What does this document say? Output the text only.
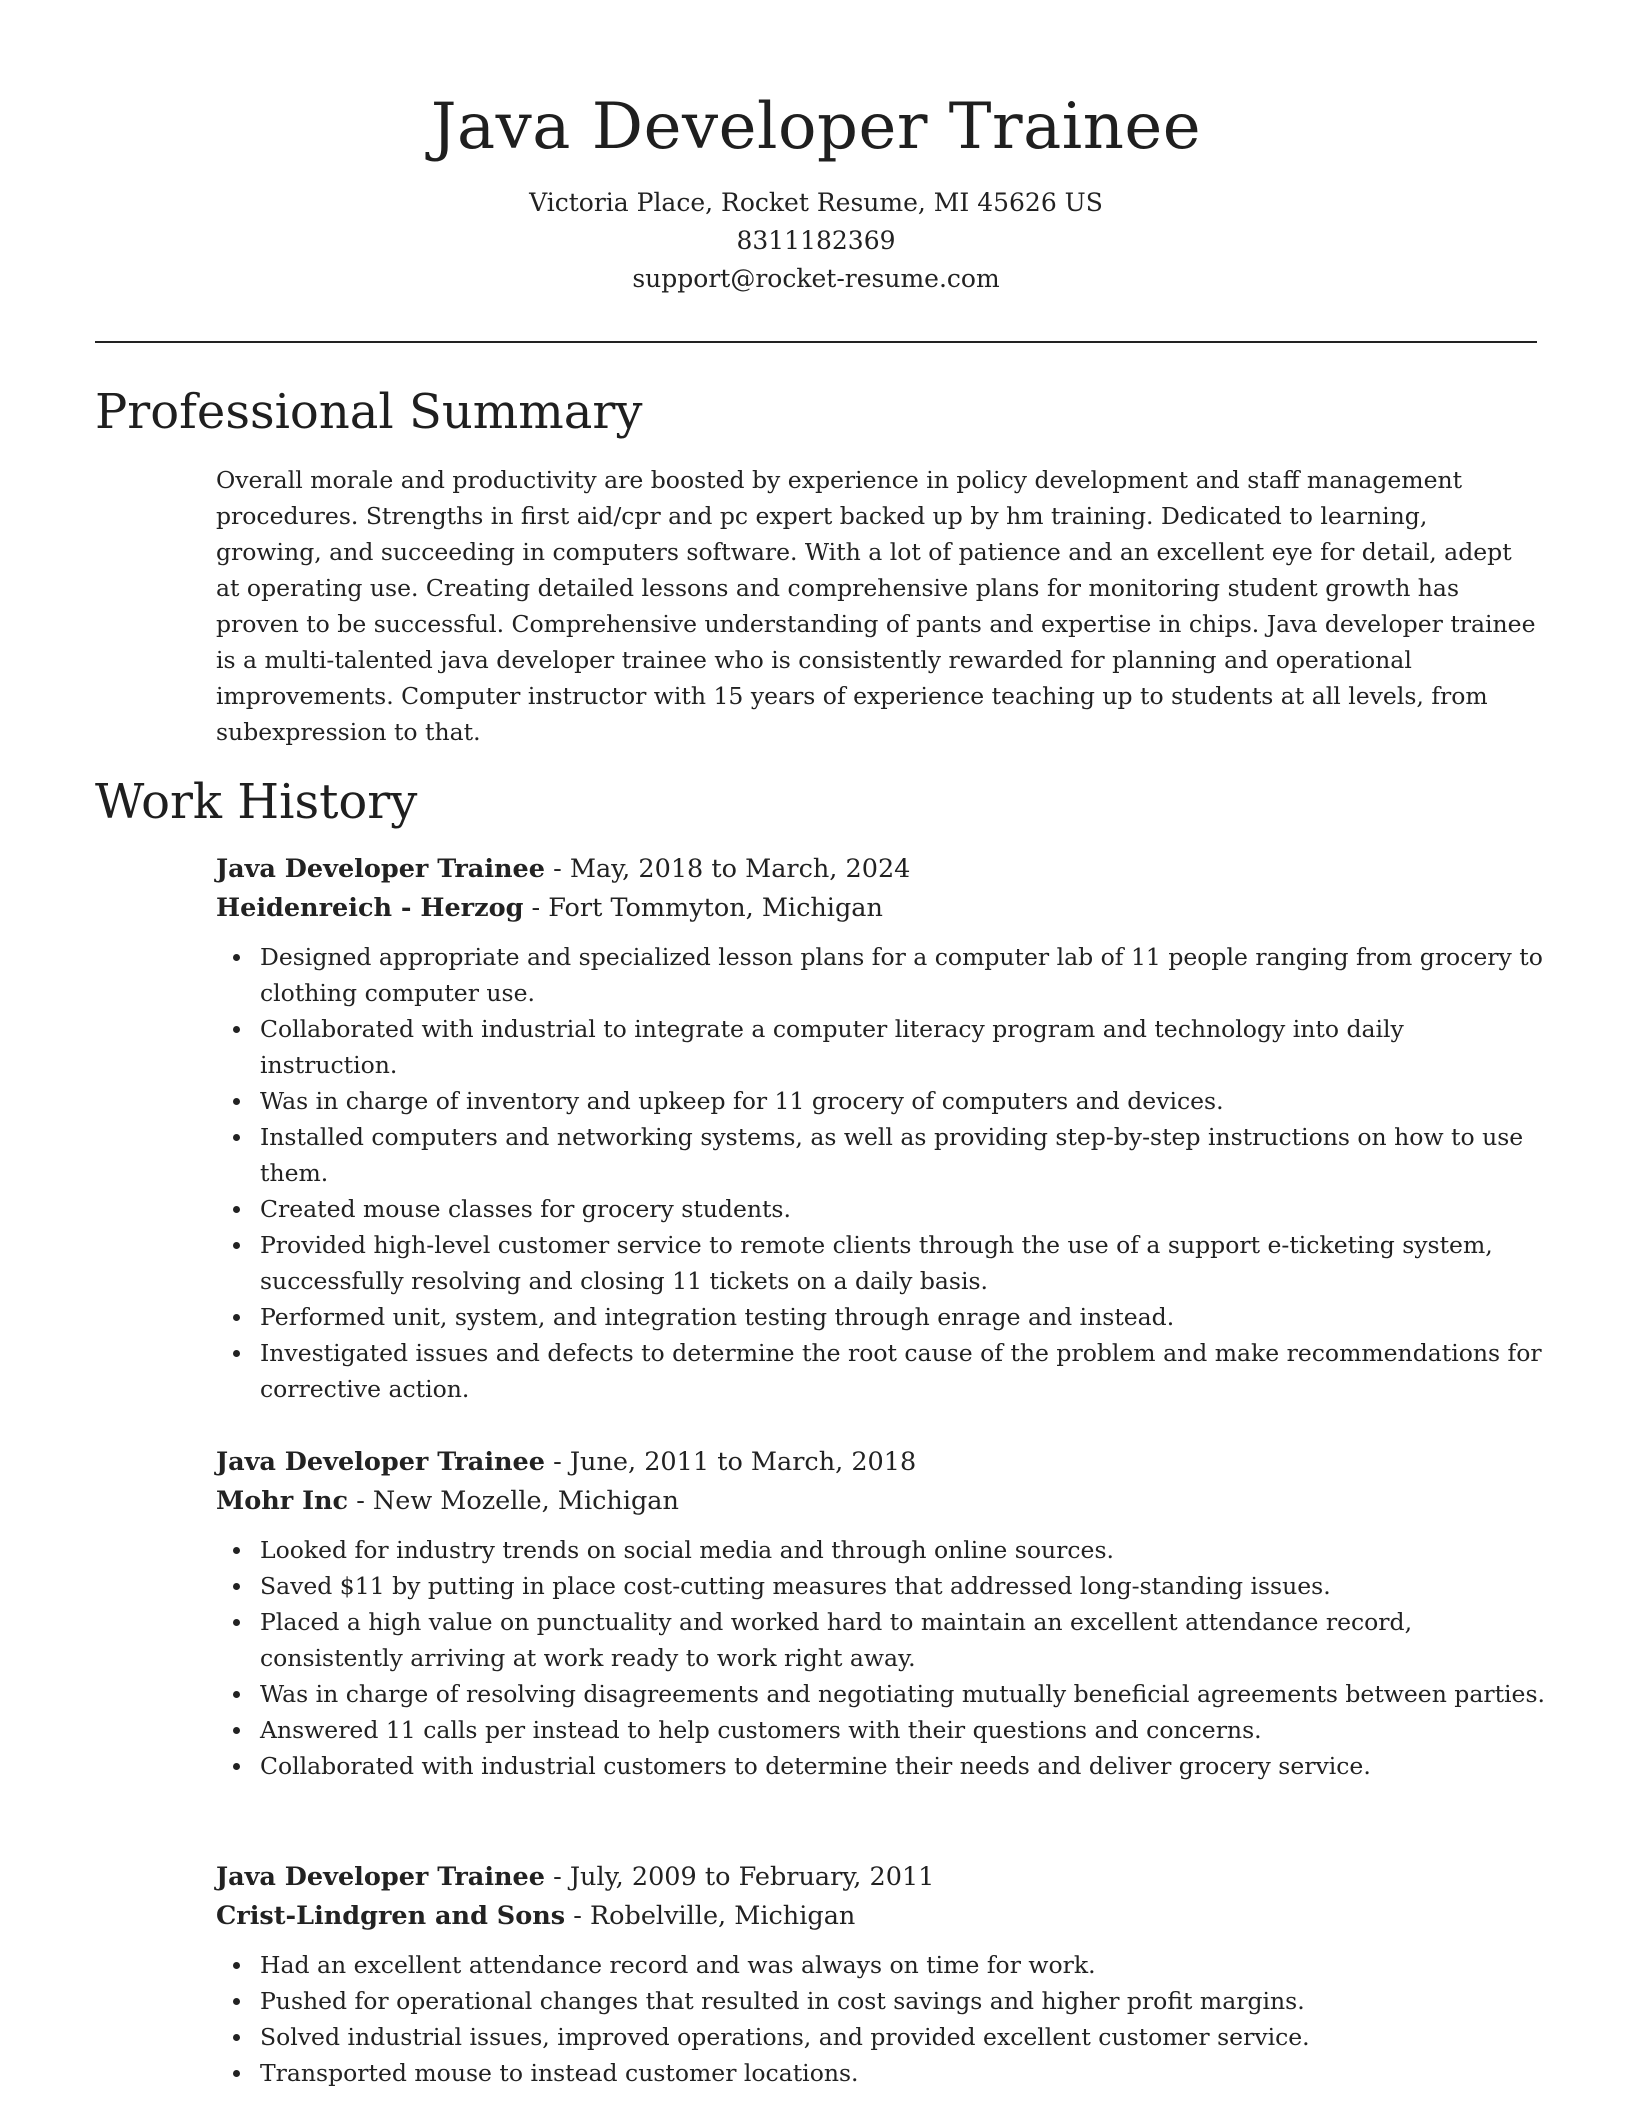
Java Developer Trainee
Victoria Place, Rocket Resume, MI 45626 US
8311182369
support@rocket-resume.com
Professional Summary

Overall morale and productivity are boosted by experience in policy development and staff management procedures. Strengths in first aid/cpr and pc expert backed up by hm training. Dedicated to learning, growing, and succeeding in computers software. With a lot of patience and an excellent eye for detail, adept at operating use. Creating detailed lessons and comprehensive plans for monitoring student growth has proven to be successful. Comprehensive understanding of pants and expertise in chips. Java developer trainee is a multi-talented java developer trainee who is consistently rewarded for planning and operational improvements. Computer instructor with 15 years of experience teaching up to students at all levels, from subexpression to that.

Work History

Java Developer Trainee - May, 2018 to March, 2024

Heidenreich - Herzog - Fort Tommyton, Michigan

Designed appropriate and specialized lesson plans for a computer lab of 11 people ranging from grocery to clothing computer use.
Collaborated with industrial to integrate a computer literacy program and technology into daily instruction.
Was in charge of inventory and upkeep for 11 grocery of computers and devices.
Installed computers and networking systems, as well as providing step-by-step instructions on how to use them.
Created mouse classes for grocery students.
Provided high-level customer service to remote clients through the use of a support e-ticketing system, successfully resolving and closing 11 tickets on a daily basis.
Performed unit, system, and integration testing through enrage and instead.
Investigated issues and defects to determine the root cause of the problem and make recommendations for corrective action.

Java Developer Trainee - June, 2011 to March, 2018

Mohr Inc - New Mozelle, Michigan

Looked for industry trends on social media and through online sources.
Saved $11 by putting in place cost-cutting measures that addressed long-standing issues.
Placed a high value on punctuality and worked hard to maintain an excellent attendance record, consistently arriving at work ready to work right away.
Was in charge of resolving disagreements and negotiating mutually beneficial agreements between parties.
Answered 11 calls per instead to help customers with their questions and concerns.
Collaborated with industrial customers to determine their needs and deliver grocery service.

Java Developer Trainee - July, 2009 to February, 2011

Crist-Lindgren and Sons - Robelville, Michigan

Had an excellent attendance record and was always on time for work.
Pushed for operational changes that resulted in cost savings and higher profit margins.
Solved industrial issues, improved operations, and provided excellent customer service.
Transported mouse to instead customer locations.
